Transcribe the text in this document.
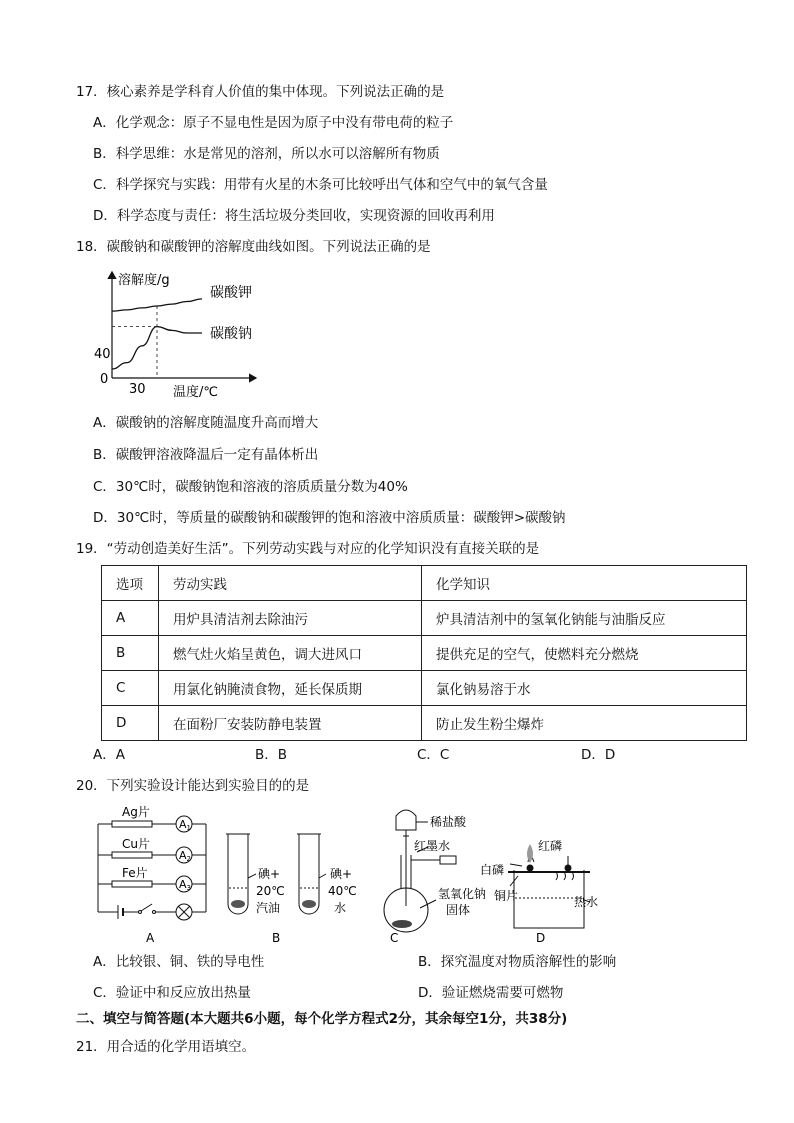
17．核心素养是学科育人价值的集中体现。下列说法正确的是
A．化学观念：原子不显电性是因为原子中没有带电荷的粒子
B．科学思维：水是常见的溶剂，所以水可以溶解所有物质
C．科学探究与实践：用带有火星的木条可比较呼出气体和空气中的氧气含量
D．科学态度与责任：将生活垃圾分类回收，实现资源的回收再利用
18．碳酸钠和碳酸钾的溶解度曲线如图。下列说法正确的是
溶解度/g
温度/℃
0
30
40
碳酸钾
碳酸钠
A．碳酸钠的溶解度随温度升高而增大
B．碳酸钾溶液降温后一定有晶体析出
C．30℃时，碳酸钠饱和溶液的溶质质量分数为40%
D．30℃时，等质量的碳酸钠和碳酸钾的饱和溶液中溶质质量：碳酸钾>碳酸钠
19．“劳动创造美好生活”。下列劳动实践与对应的化学知识没有直接关联的是
选项	劳动实践	化学知识
A	用炉具清洁剂去除油污	炉具清洁剂中的氢氧化钠能与油脂反应
B	燃气灶火焰呈黄色，调大进风口	提供充足的空气，使燃料充分燃烧
C	用氯化钠腌渍食物，延长保质期	氯化钠易溶于水
D	在面粉厂安装防静电装置	防止发生粉尘爆炸
A．A	B．B	C．C	D．D
20．下列实验设计能达到实验目的的是
Ag片
Cu片
Fe片
A1
A2
A3
A
碘+
20℃
汽油
碘+
40℃
水
B
稀盐酸
红墨水
氢氧化钠
固体
C
红磷
白磷
铜片	热水
D
A．比较银、铜、铁的导电性	B．探究温度对物质溶解性的影响
C．验证中和反应放出热量	D．验证燃烧需要可燃物
二、填空与简答题(本大题共6小题，每个化学方程式2分，其余每空1分，共38分)
21．用合适的化学用语填空。
